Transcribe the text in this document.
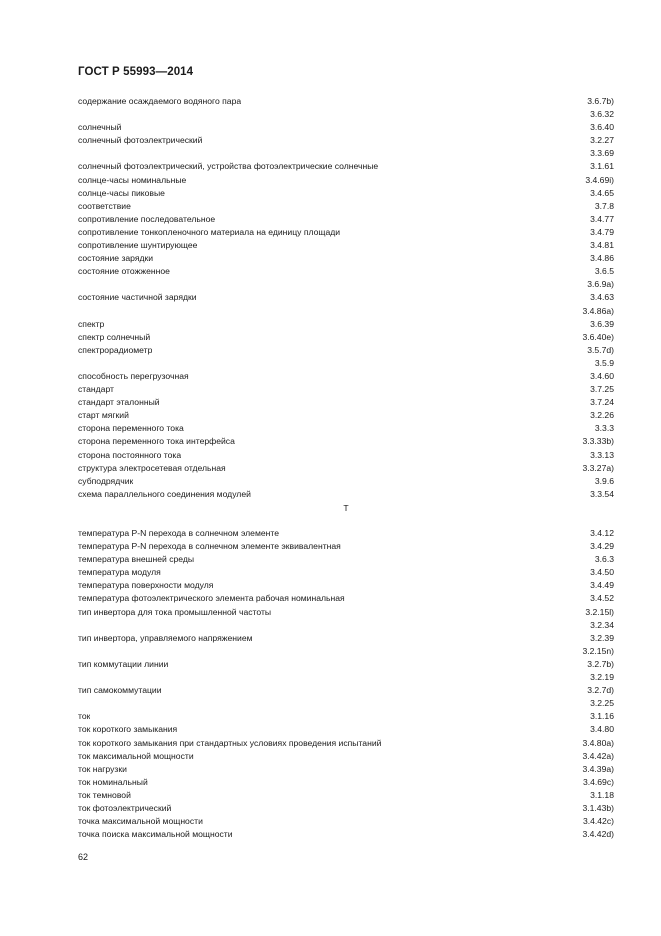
ГОСТ Р 55993—2014
содержание осаждаемого водяного пара	3.6.7b)
3.6.32
солнечный	3.6.40
солнечный фотоэлектрический	3.2.27
3.3.69
солнечный фотоэлектрический, устройства фотоэлектрические солнечные	3.1.61
солнце-часы номинальные	3.4.69i)
солнце-часы пиковые	3.4.65
соответствие	3.7.8
сопротивление последовательное	3.4.77
сопротивление тонкопленочного материала на единицу площади	3.4.79
сопротивление шунтирующее	3.4.81
состояние зарядки	3.4.86
состояние отожженное	3.6.5
3.6.9a)
состояние частичной зарядки	3.4.63
3.4.86a)
спектр	3.6.39
спектр солнечный	3.6.40e)
спектрорадиометр	3.5.7d)
3.5.9
способность перегрузочная	3.4.60
стандарт	3.7.25
стандарт эталонный	3.7.24
старт мягкий	3.2.26
сторона переменного тока	3.3.3
сторона переменного тока интерфейса	3.3.33b)
сторона постоянного тока	3.3.13
структура электросетевая отдельная	3.3.27a)
субподрядчик	3.9.6
схема параллельного соединения модулей	3.3.54
Т
температура P-N перехода в солнечном элементе	3.4.12
температура P-N перехода в солнечном элементе эквивалентная	3.4.29
температура внешней среды	3.6.3
температура модуля	3.4.50
температура поверхности модуля	3.4.49
температура фотоэлектрического элемента рабочая номинальная	3.4.52
тип инвертора для тока промышленной частоты	3.2.15l)
3.2.34
тип инвертора, управляемого напряжением	3.2.39
3.2.15n)
тип коммутации линии	3.2.7b)
3.2.19
тип самокоммутации	3.2.7d)
3.2.25
ток	3.1.16
ток короткого замыкания	3.4.80
ток короткого замыкания при стандартных условиях проведения испытаний	3.4.80a)
ток максимальной мощности	3.4.42a)
ток нагрузки	3.4.39a)
ток номинальный	3.4.69c)
ток темновой	3.1.18
ток фотоэлектрический	3.1.43b)
точка максимальной мощности	3.4.42c)
точка поиска максимальной мощности	3.4.42d)
62
